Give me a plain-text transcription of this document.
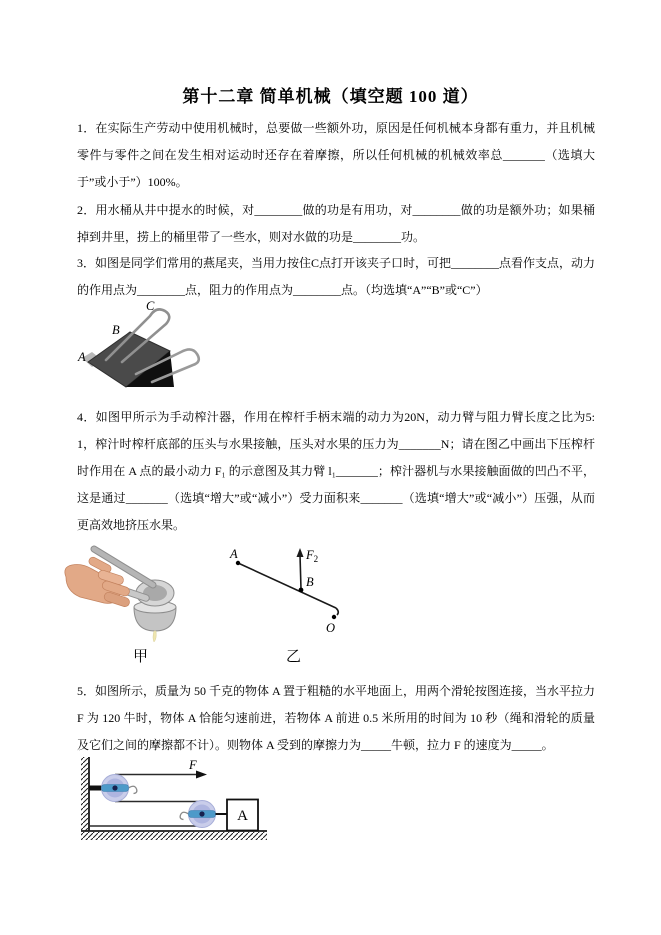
第十二章 简单机械（填空题 100 道）

1．在实际生产劳动中使用机械时，总要做一些额外功，原因是任何机械本身都有重力，并且机械零件与零件之间在发生相对运动时还存在着摩擦，所以任何机械的机械效率总_______（选填大于”或小于”）100%。

2．用水桶从井中提水的时候，对________做的功是有用功，对________做的功是额外功；如果桶掉到井里，捞上的桶里带了一些水，则对水做的功是________功。

3．如图是同学们常用的燕尾夹，当用力按住C点打开该夹子口时，可把________点看作支点，动力的作用点为________点，阻力的作用点为________点。（均选填“A”“B”或“C”）

A
B
C

4．如图甲所示为手动榨汁器，作用在榨杆手柄末端的动力为20N，动力臂与阻力臂长度之比为5:1，榨汁时榨杆底部的压头与水果接触，压头对水果的压力为_______N；请在图乙中画出下压榨杆时作用在 A 点的最小动力 F₁ 的示意图及其力臂 l₁_______；榨汁器机与水果接触面做的凹凸不平，这是通过_______（选填“增大”或“减小”）受力面积来_______（选填“增大”或“减小”）压强，从而更高效地挤压水果。

A
B
O
$F_2$
甲	乙

5．如图所示，质量为 50 千克的物体 A 置于粗糙的水平地面上，用两个滑轮按图连接，当水平拉力 F 为 120 牛时，物体 A 恰能匀速前进，若物体 A 前进 0.5 米所用的时间为 10 秒（绳和滑轮的质量及它们之间的摩擦都不计）。则物体 A 受到的摩擦力为_____牛顿，拉力 F 的速度为_____。

A
F
